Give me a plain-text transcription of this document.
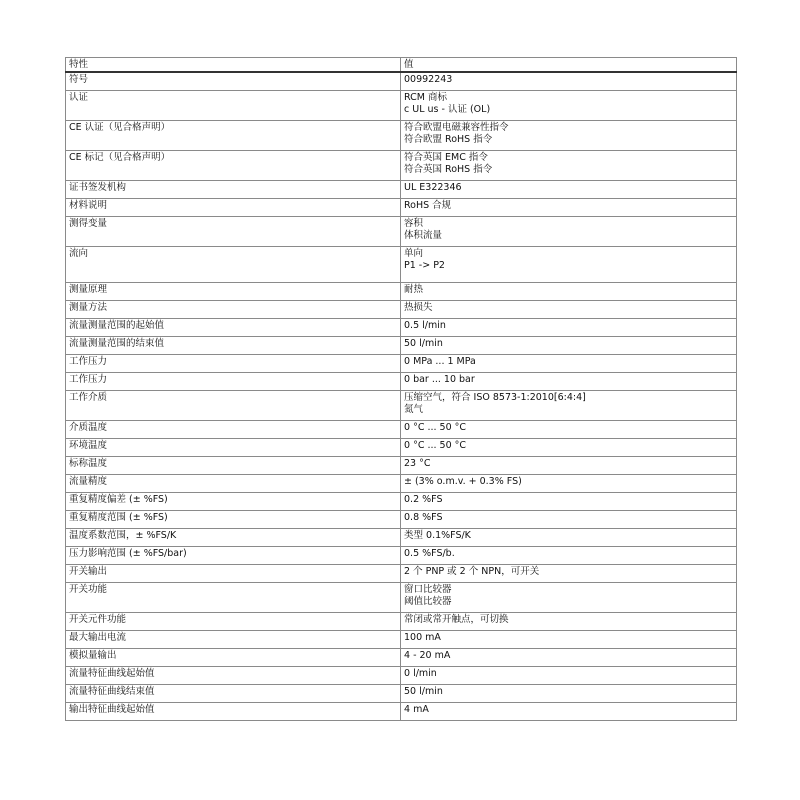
特性	值
符号	00992243

认证	RCM 商标
c UL us - 认证 (OL)

CE 认证（见合格声明）	符合欧盟电磁兼容性指令
符合欧盟 RoHS 指令

CE 标记（见合格声明）	符合英国 EMC 指令
符合英国 RoHS 指令

证书签发机构	UL E322346

材料说明	RoHS 合规

测得变量	容积
体积流量

流向	单向
P1 -> P2

测量原理	耐热

测量方法	热损失

流量测量范围的起始值	0.5 l/min

流量测量范围的结束值	50 l/min

工作压力	0 MPa ... 1 MPa

工作压力	0 bar ... 10 bar

工作介质	压缩空气，符合 ISO 8573-1:2010[6:4:4]
氮气

介质温度	0 °C ... 50 °C

环境温度	0 °C ... 50 °C

标称温度	23 °C

流量精度	± (3% o.m.v. + 0.3% FS)

重复精度偏差 (± %FS)	0.2 %FS

重复精度范围 (± %FS)	0.8 %FS

温度系数范围，± %FS/K	类型 0.1%FS/K

压力影响范围 (± %FS/bar)	0.5 %FS/b.

开关输出	2 个 PNP 或 2 个 NPN，可开关

开关功能	窗口比较器
阈值比较器

开关元件功能	常闭或常开触点，可切换

最大输出电流	100 mA

模拟量输出	4 - 20 mA

流量特征曲线起始值	0 l/min

流量特征曲线结束值	50 l/min

输出特征曲线起始值	4 mA
